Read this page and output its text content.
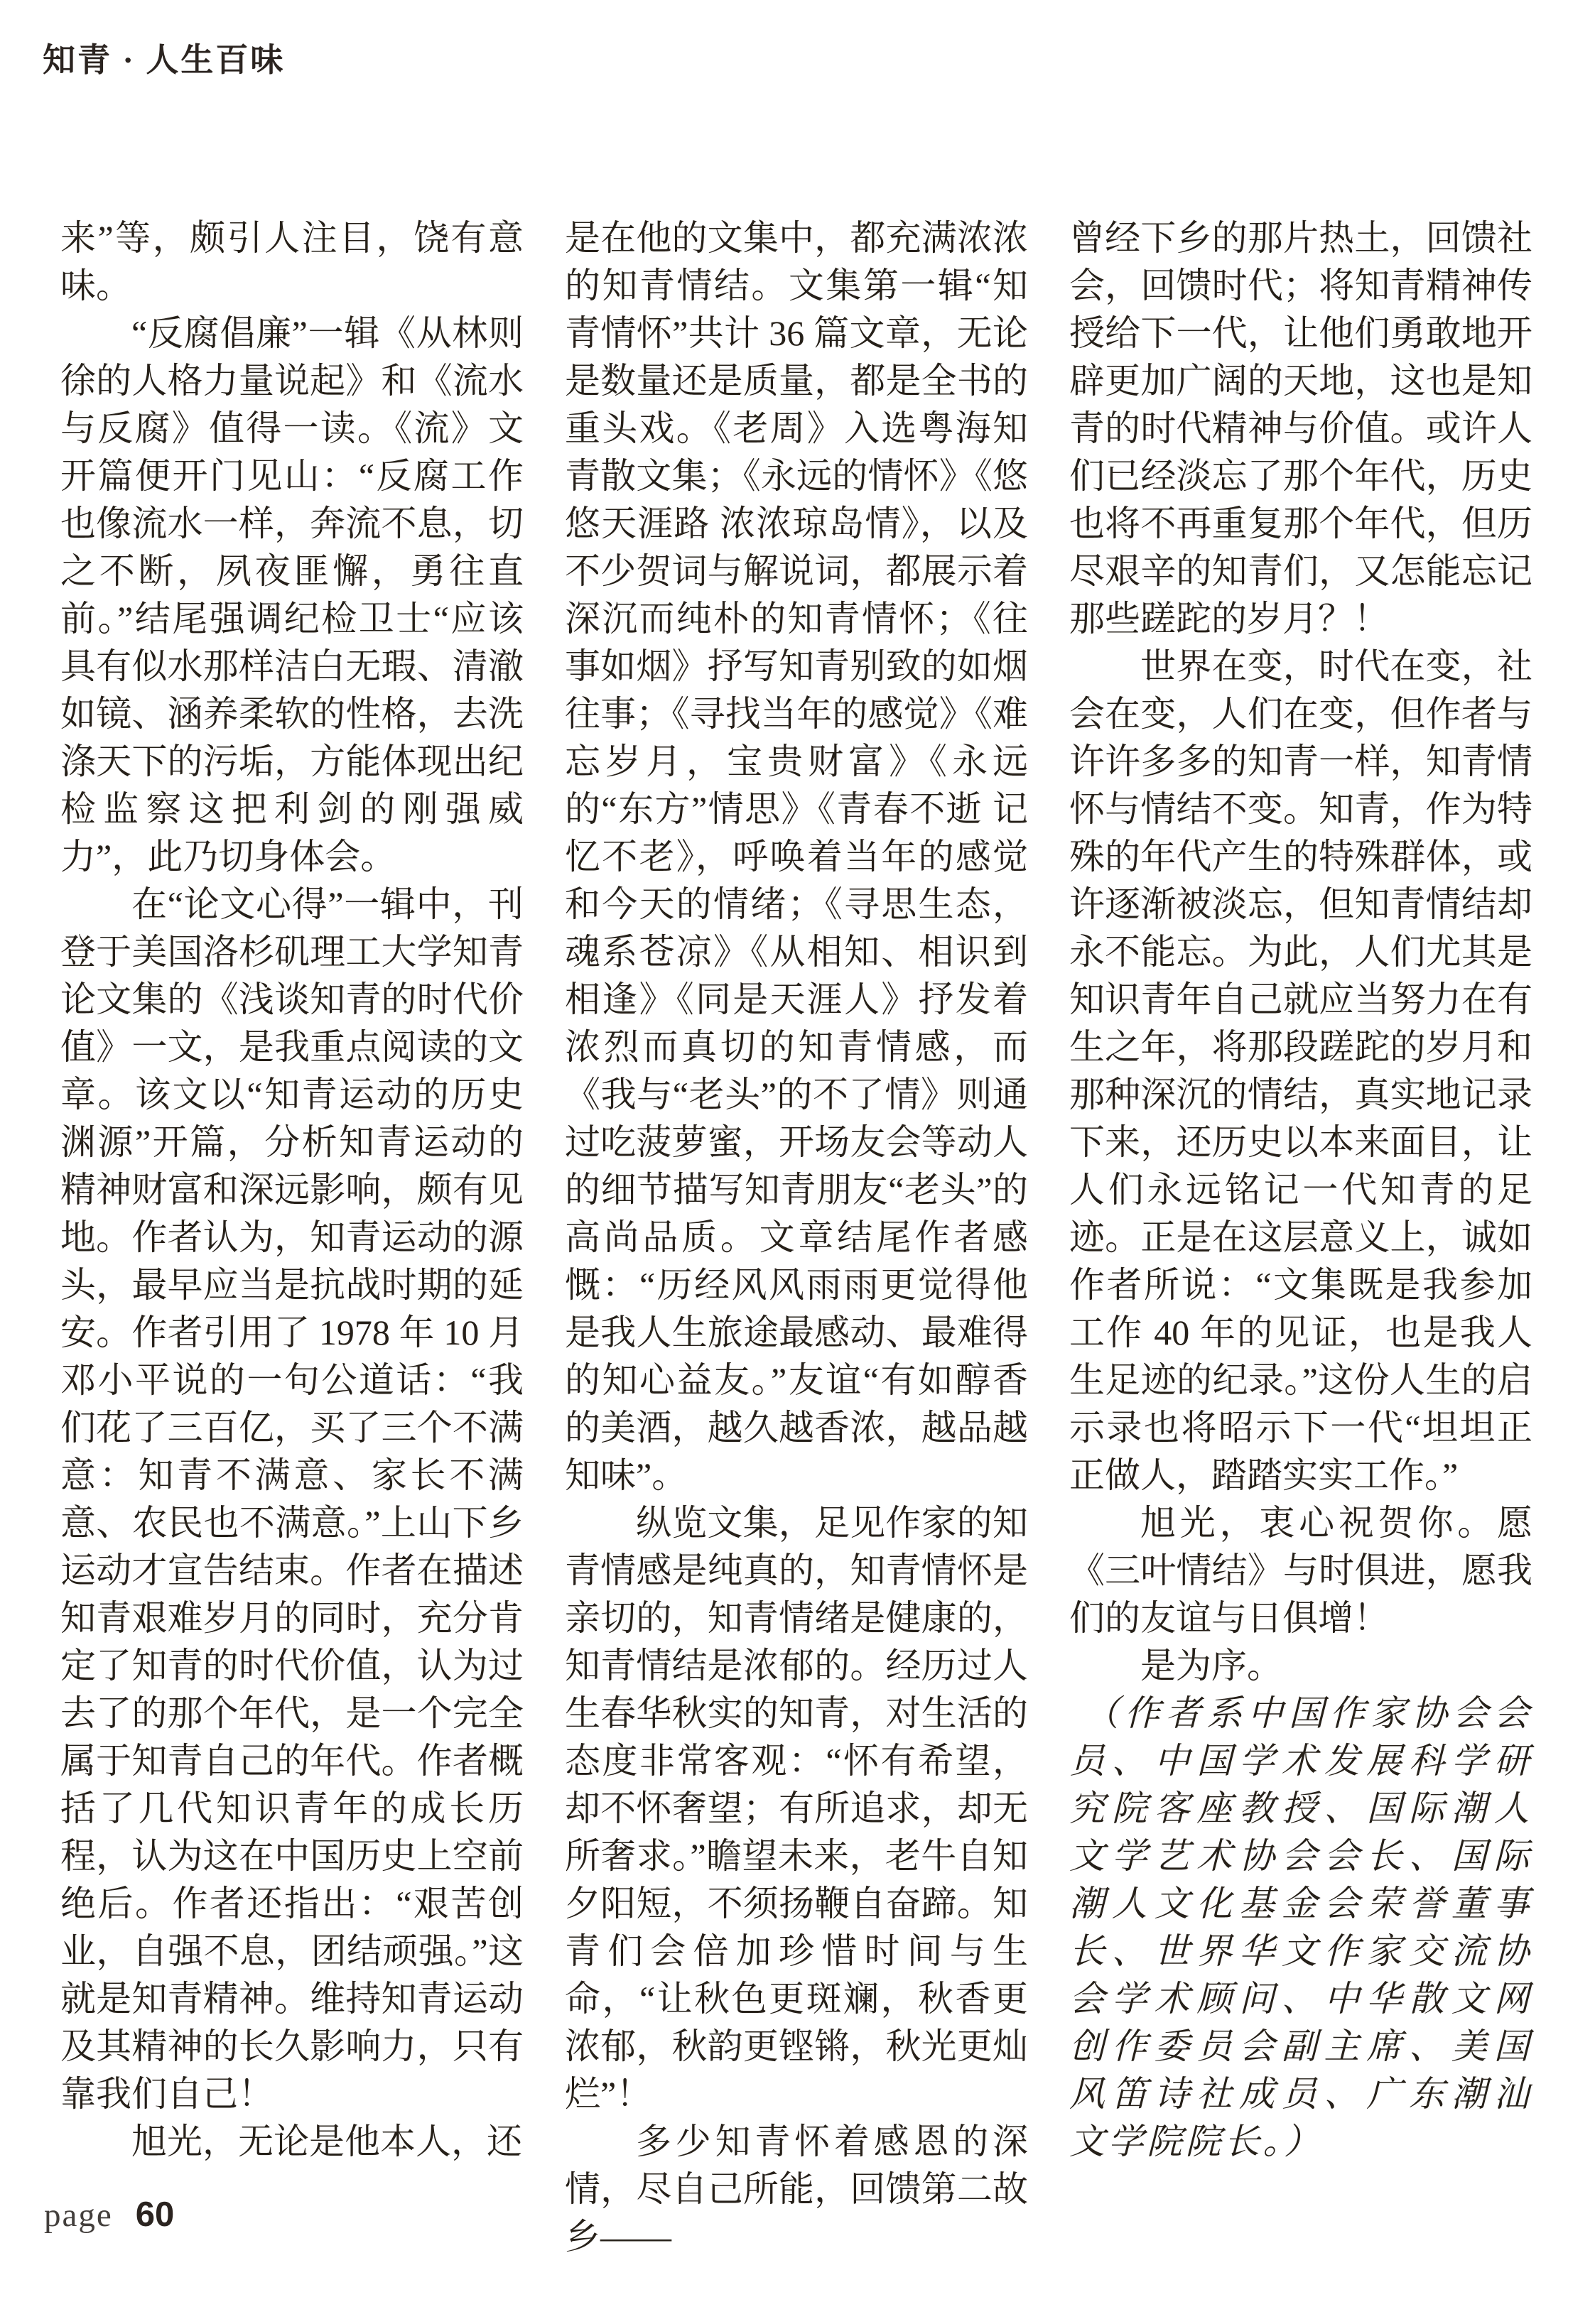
知青 · 人生百味

来”等，颇引人注目，饶有意味。

“反腐倡廉”一辑《从林则徐的人格力量说起》和《流水与反腐》值得一读。《流》文开篇便开门见山：“反腐工作也像流水一样，奔流不息，切之不断，夙夜匪懈，勇往直前。”结尾强调纪检卫士“应该具有似水那样洁白无瑕、清澈如镜、涵养柔软的性格，去洗涤天下的污垢，方能体现出纪检监察这把利剑的刚强威力”，此乃切身体会。

在“论文心得”一辑中，刊登于美国洛杉矶理工大学知青论文集的《浅谈知青的时代价值》一文，是我重点阅读的文章。该文以“知青运动的历史渊源”开篇，分析知青运动的精神财富和深远影响，颇有见地。作者认为，知青运动的源头，最早应当是抗战时期的延安。作者引用了 1978 年 10 月邓小平说的一句公道话：“我们花了三百亿，买了三个不满意：知青不满意、家长不满意、农民也不满意。”上山下乡运动才宣告结束。作者在描述知青艰难岁月的同时，充分肯定了知青的时代价值，认为过去了的那个年代，是一个完全属于知青自己的年代。作者概括了几代知识青年的成长历程，认为这在中国历史上空前绝后。作者还指出：“艰苦创业，自强不息，团结顽强。”这就是知青精神。维持知青运动及其精神的长久影响力，只有靠我们自己！

旭光，无论是他本人，还

是在他的文集中，都充满浓浓的知青情结。文集第一辑“知青情怀”共计 36 篇文章，无论是数量还是质量，都是全书的重头戏。《老周》入选粤海知青散文集；《永远的情怀》《悠悠天涯路 浓浓琼岛情》，以及不少贺词与解说词，都展示着深沉而纯朴的知青情怀；《往事如烟》抒写知青别致的如烟往事；《寻找当年的感觉》《难忘岁月，宝贵财富》《永远的“东方”情思》《青春不逝 记忆不老》，呼唤着当年的感觉和今天的情绪；《寻思生态，魂系苍凉》《从相知、相识到相逢》《同是天涯人》抒发着浓烈而真切的知青情感，而《我与“老头”的不了情》则通过吃菠萝蜜，开场友会等动人的细节描写知青朋友“老头”的高尚品质。文章结尾作者感慨：“历经风风雨雨更觉得他是我人生旅途最感动、最难得的知心益友。”友谊“有如醇香的美酒，越久越香浓，越品越知味”。

纵览文集，足见作家的知青情感是纯真的，知青情怀是亲切的，知青情绪是健康的，知青情结是浓郁的。经历过人生春华秋实的知青，对生活的态度非常客观：“怀有希望，却不怀奢望；有所追求，却无所奢求。”瞻望未来，老牛自知夕阳短，不须扬鞭自奋蹄。知青们会倍加珍惜时间与生命，“让秋色更斑斓，秋香更浓郁，秋韵更铿锵，秋光更灿烂”！

多少知青怀着感恩的深情，尽自己所能，回馈第二故乡——

曾经下乡的那片热土，回馈社会，回馈时代；将知青精神传授给下一代，让他们勇敢地开辟更加广阔的天地，这也是知青的时代精神与价值。或许人们已经淡忘了那个年代，历史也将不再重复那个年代，但历尽艰辛的知青们，又怎能忘记那些蹉跎的岁月？！

世界在变，时代在变，社会在变，人们在变，但作者与许许多多的知青一样，知青情怀与情结不变。知青，作为特殊的年代产生的特殊群体，或许逐渐被淡忘，但知青情结却永不能忘。为此，人们尤其是知识青年自己就应当努力在有生之年，将那段蹉跎的岁月和那种深沉的情结，真实地记录下来，还历史以本来面目，让人们永远铭记一代知青的足迹。正是在这层意义上，诚如作者所说：“文集既是我参加工作 40 年的见证，也是我人生足迹的纪录。”这份人生的启示录也将昭示下一代“坦坦正正做人，踏踏实实工作。”

旭光，衷心祝贺你。愿《三叶情结》与时俱进，愿我们的友谊与日俱增！

是为序。

（作者系中国作家协会会员、中国学术发展科学研究院客座教授、国际潮人文学艺术协会会长、国际潮人文化基金会荣誉董事长、世界华文作家交流协会学术顾问、中华散文网创作委员会副主席、美国风笛诗社成员、广东潮汕文学院院长。）

page 60
